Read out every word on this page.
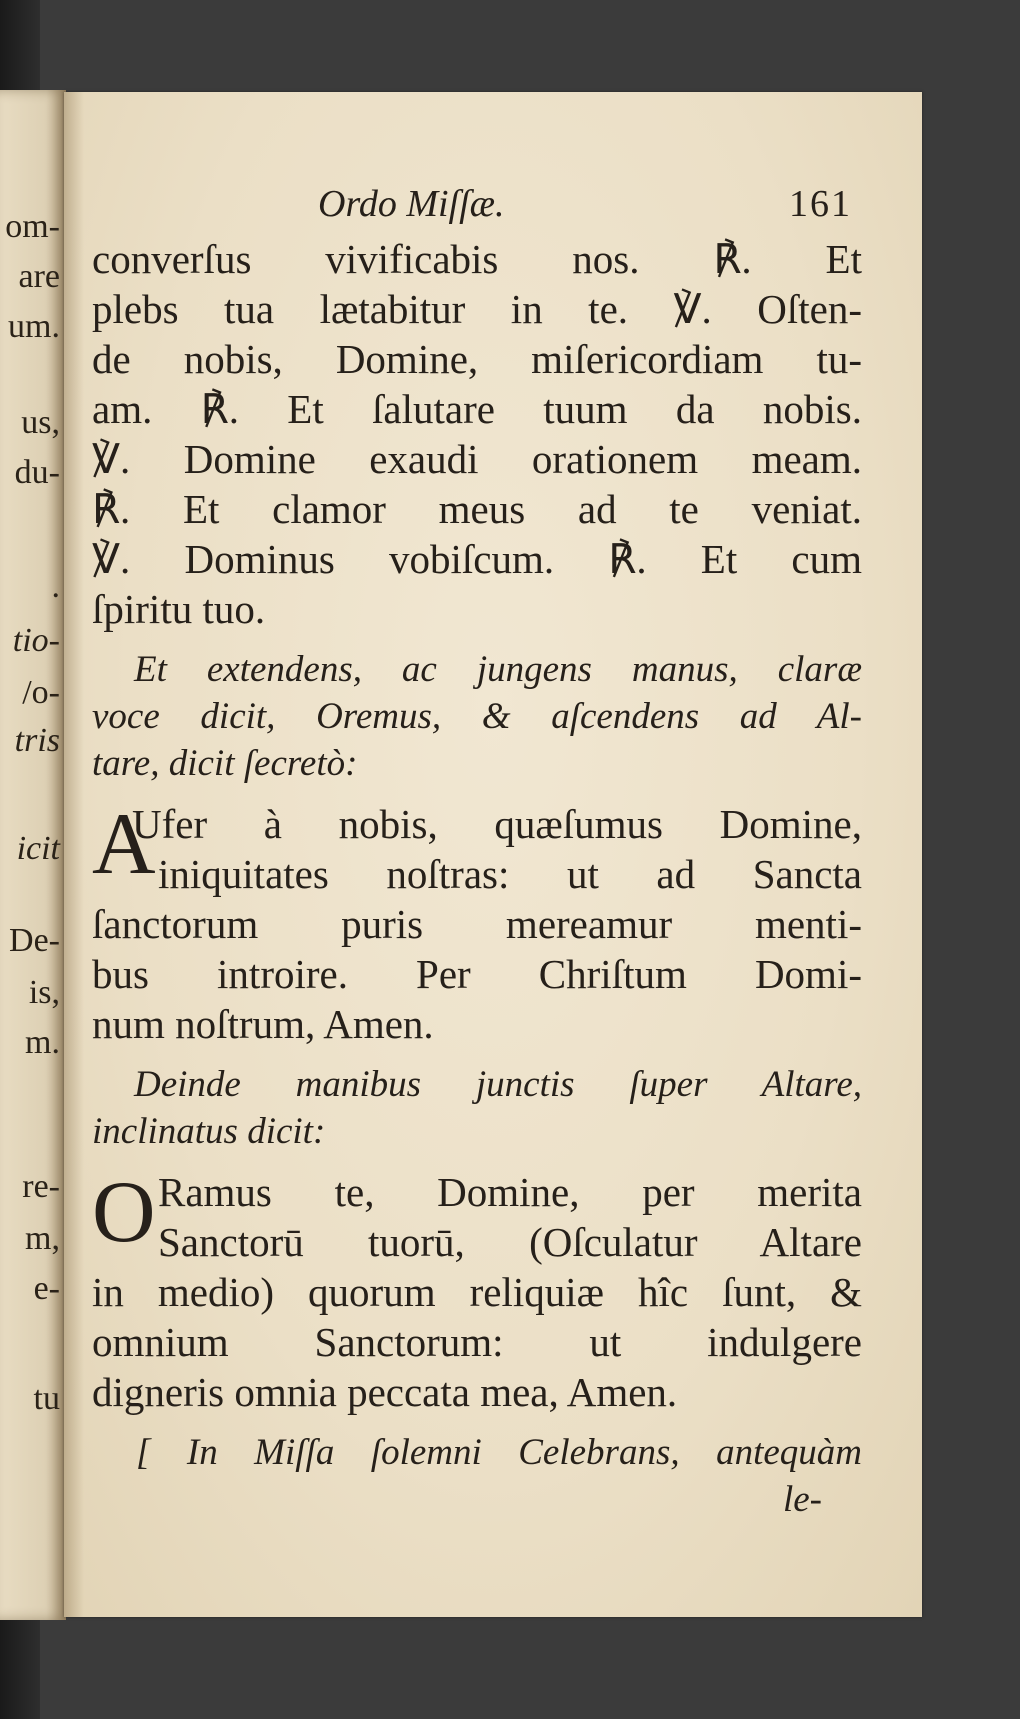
om-
are
um.
us,
du-
.
tio-
/o-
tris
icit
De-
is,
m.
re-
m,
e-
tu
Ordo Miſſæ.	161
converſus vivificabis nos. ℟. Et
plebs tua lætabitur in te. ℣. Oſten-
de nobis, Domine, miſericordiam tu-
am. ℟. Et ſalutare tuum da nobis.
℣. Domine exaudi orationem meam.
℟. Et clamor meus ad te veniat.
℣. Dominus vobiſcum. ℟. Et cum
ſpiritu tuo.
Et extendens, ac jungens manus, claræ
voce dicit, Oremus, & aſcendens ad Al-
tare, dicit ſecretò:
A
Ufer à nobis, quæſumus Domine,
iniquitates noſtras: ut ad Sancta
ſanctorum puris mereamur menti-
bus introire. Per Chriſtum Domi-
num noſtrum, Amen.
Deinde manibus junctis ſuper Altare,
inclinatus dicit:
O Ramus te, Domine, per merita
Sanctorū tuorū, (Oſculatur Altare
in medio) quorum reliquiæ hîc ſunt, &
omnium Sanctorum: ut indulgere
digneris omnia peccata mea, Amen.
[ In Miſſa ſolemni Celebrans, antequàm
le-
